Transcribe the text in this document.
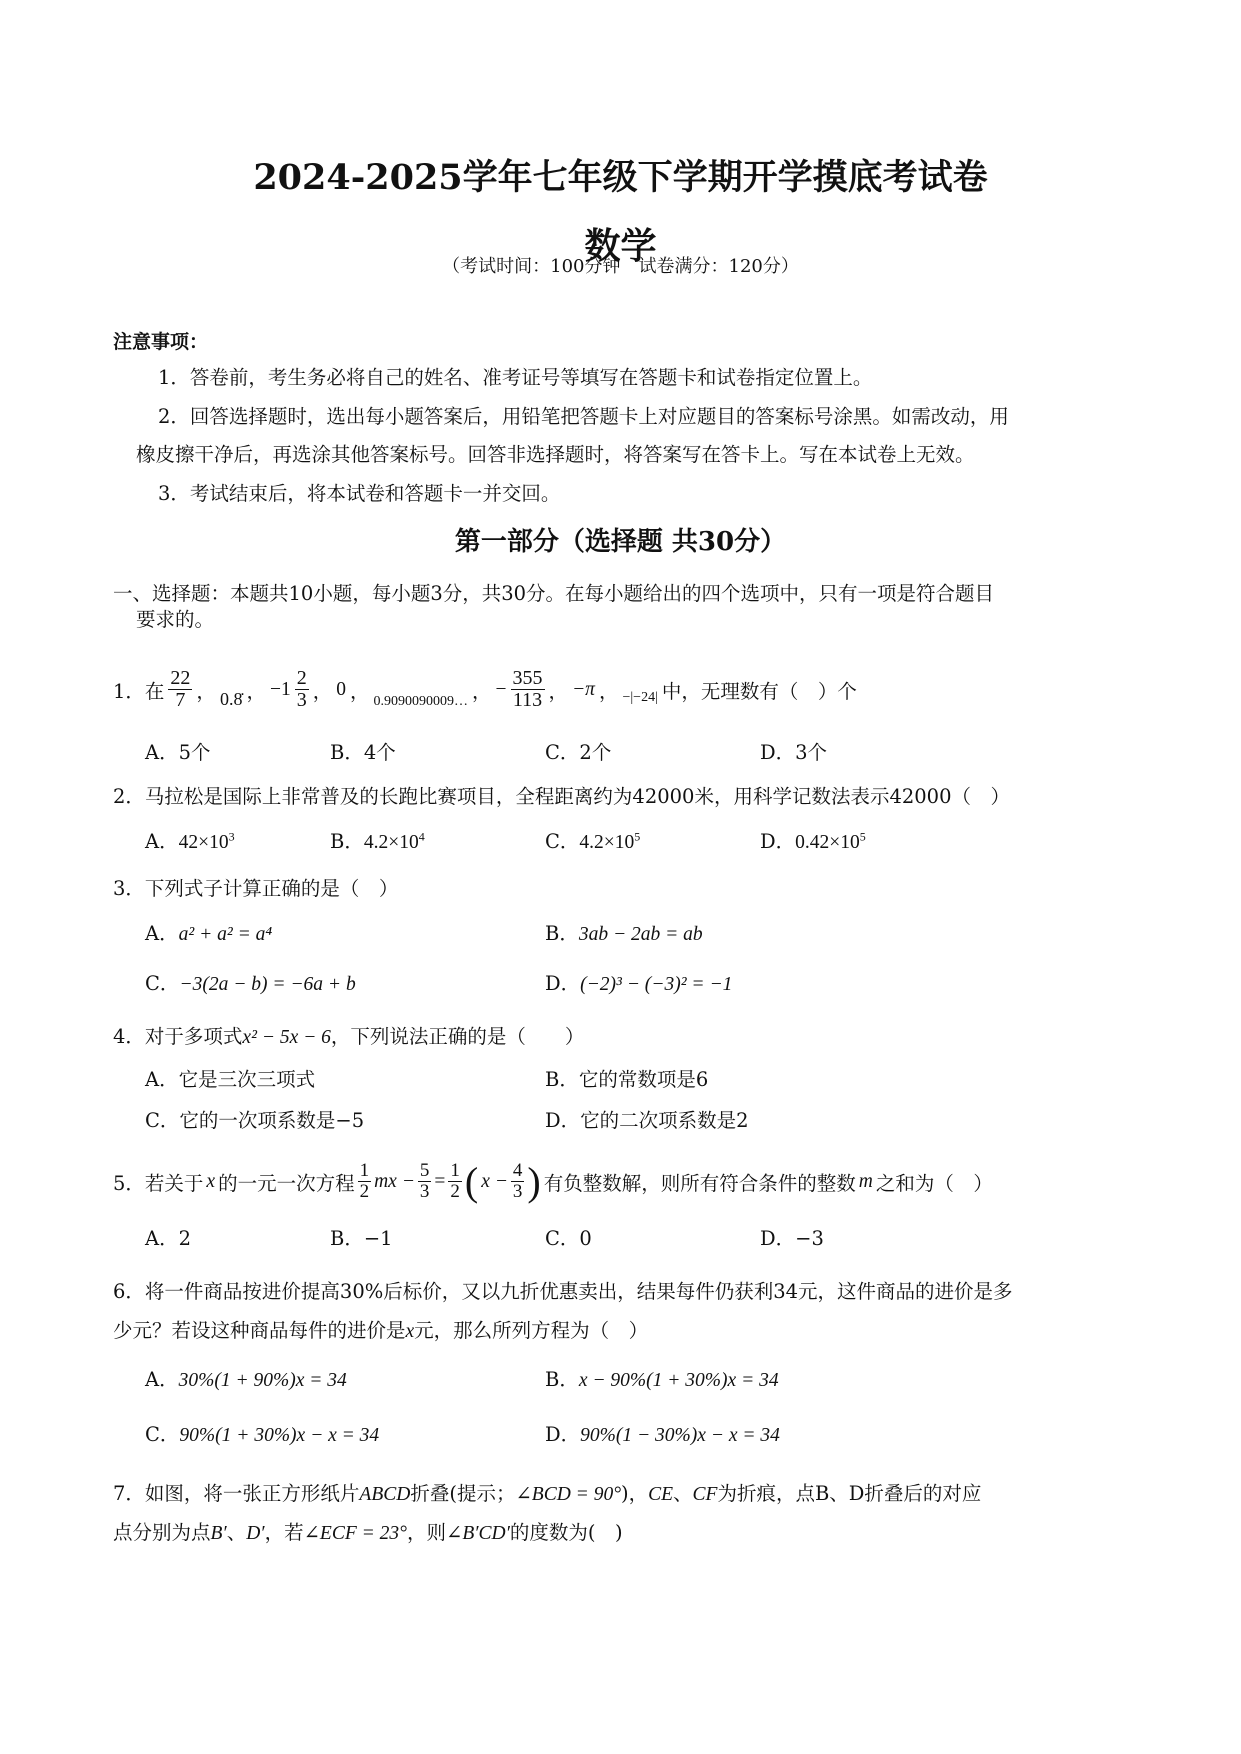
2024-2025学年七年级下学期开学摸底考试卷
数学
（考试时间：100分钟　试卷满分：120分）
注意事项：
1．答卷前，考生务必将自己的姓名、准考证号等填写在答题卡和试卷指定位置上。
2．回答选择题时，选出每小题答案后，用铅笔把答题卡上对应题目的答案标号涂黑。如需改动，用
橡皮擦干净后，再选涂其他答案标号。回答非选择题时，将答案写在答卡上。写在本试卷上无效。
3．考试结束后，将本试卷和答题卡一并交回。
第一部分（选择题 共30分）
一、选择题：本题共10小题，每小题3分，共30分。在每小题给出的四个选项中，只有一项是符合题目
要求的。
1．在 $\frac{22}{7}$ ， 0.8̇ ， $-1 \frac{2}{3}$ ， 0 ， 0.9090090009… ， − $\frac{355}{113}$ ， −π ， −|−24| 中，无理数有（　）个
A．5个	B．4个	C．2个	D．3个
2．马拉松是国际上非常普及的长跑比赛项目，全程距离约为42000米，用科学记数法表示42000（　）
A．$42\times 10^3$	B．$4.2\times 10^4$	C．$4.2\times 10^5$	D．$0.42\times 10^5$
3．下列式子计算正确的是（　）
A．a² + a² = a⁴	B．3ab − 2ab = ab
C．−3(2a − b) = −6a + b	D．(−2)³ − (−3)² = −1
4．对于多项式x² − 5x − 6，下列说法正确的是（　　）
A．它是三次三项式	B．它的常数项是6
C．它的一次项系数是−5	D．它的二次项系数是2
5．若关于 x 的一元一次方程 $\frac{1}{2}$ mx − $\frac{5}{3} = \frac{1}{2}$ ( $x - \frac{4}{3}$ ) 有负整数解，则所有符合条件的整数 m 之和为（　）
A．2	B．−1	C．0	D．−3
6．将一件商品按进价提高30%后标价，又以九折优惠卖出，结果每件仍获利34元，这件商品的进价是多
少元？若设这种商品每件的进价是x元，那么所列方程为（　）
A．30%(1 + 90%)x = 34	B．x − 90%(1 + 30%)x = 34
C．90%(1 + 30%)x − x = 34	D．90%(1 − 30%)x − x = 34
7．如图，将一张正方形纸片ABCD折叠(提示；∠BCD = 90°)，CE、CF为折痕，点B、D折叠后的对应
点分别为点B′、D′，若∠ECF = 23°，则∠B′CD′的度数为(　)
